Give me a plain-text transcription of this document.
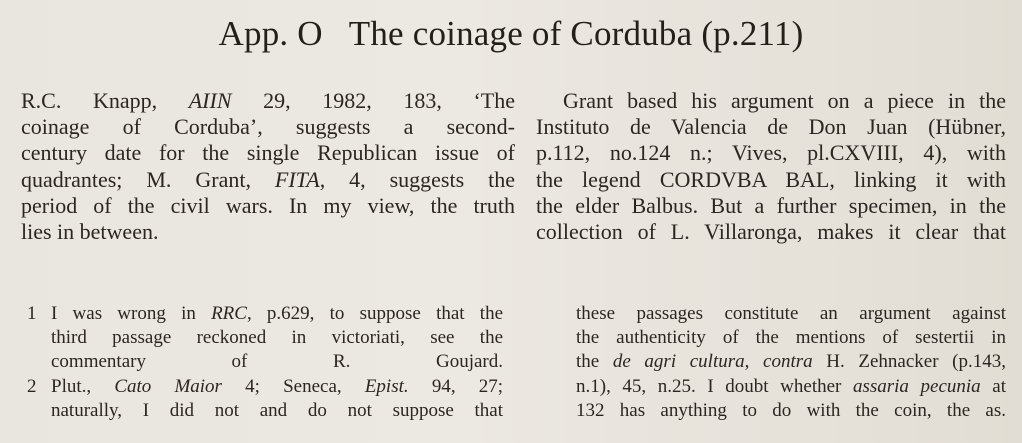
App. O The coinage of Corduba (p.211)
R.C. Knapp, AIIN 29, 1982, 183, ‘The
coinage of Corduba’, suggests a second-
century date for the single Republican issue of
quadrantes; M. Grant, FITA, 4, suggests the
period of the civil wars. In my view, the truth
lies in between.
Grant based his argument on a piece in the
Instituto de Valencia de Don Juan (Hübner,
p.112, no.124 n.; Vives, pl.CXVIII, 4), with
the legend CORDVBA BAL, linking it with
the elder Balbus. But a further specimen, in the
collection of L. Villaronga, makes it clear that
1 I was wrong in RRC, p.629, to suppose that the
third passage reckoned in victoriati, see the
commentary of R. Goujard.
2 Plut., Cato Maior 4; Seneca, Epist. 94, 27;
naturally, I did not and do not suppose that
these passages constitute an argument against
the authenticity of the mentions of sestertii in
the de agri cultura, contra H. Zehnacker (p.143,
n.1), 45, n.25. I doubt whether assaria pecunia at
132 has anything to do with the coin, the as.
